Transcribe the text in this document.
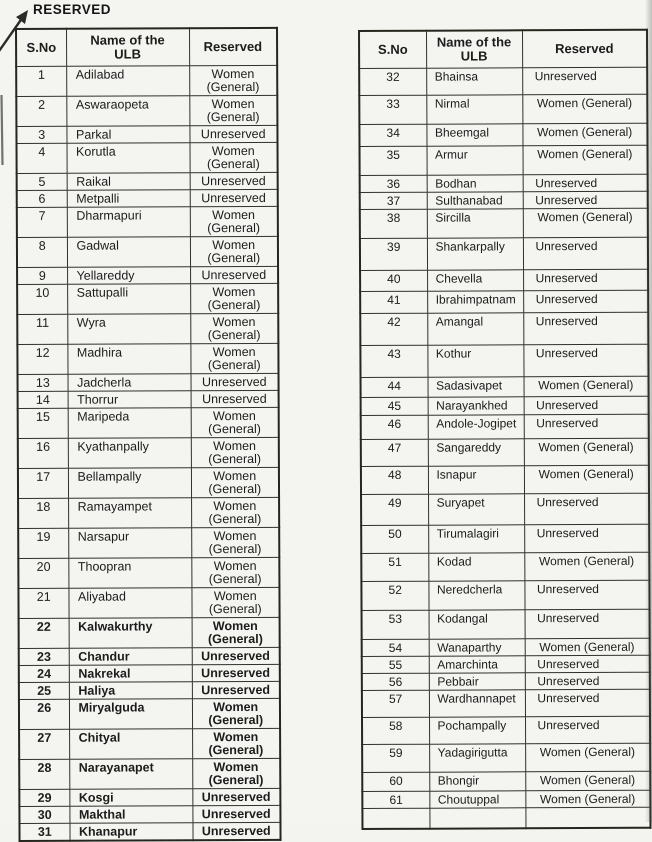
RESERVED
S.No	Name of the ULB	Reserved
1	Adilabad	Women (General)
2	Aswaraopeta	Women (General)
3	Parkal	Unreserved
4	Korutla	Women (General)
5	Raikal	Unreserved
6	Metpalli	Unreserved
7	Dharmapuri	Women (General)
8	Gadwal	Women (General)
9	Yellareddy	Unreserved
10	Sattupalli	Women (General)
11	Wyra	Women (General)
12	Madhira	Women (General)
13	Jadcherla	Unreserved
14	Thorrur	Unreserved
15	Maripeda	Women (General)
16	Kyathanpally	Women (General)
17	Bellampally	Women (General)
18	Ramayampet	Women (General)
19	Narsapur	Women (General)
20	Thoopran	Women (General)
21	Aliyabad	Women (General)
22	Kalwakurthy	Women (General)
23	Chandur	Unreserved
24	Nakrekal	Unreserved
25	Haliya	Unreserved
26	Miryalguda	Women (General)
27	Chityal	Women (General)
28	Narayanapet	Women (General)
29	Kosgi	Unreserved
30	Makthal	Unreserved
31	Khanapur	Unreserved
S.No	Name of the ULB	Reserved
32	Bhainsa	Unreserved
33	Nirmal	Women (General)
34	Bheemgal	Women (General)
35	Armur	Women (General)
36	Bodhan	Unreserved
37	Sulthanabad	Unreserved
38	Sircilla	Women (General)
39	Shankarpally	Unreserved
40	Chevella	Unreserved
41	Ibrahimpatnam	Unreserved
42	Amangal	Unreserved
43	Kothur	Unreserved
44	Sadasivapet	Women (General)
45	Narayankhed	Unreserved
46	Andole-Jogipet	Unreserved
47	Sangareddy	Women (General)
48	Isnapur	Women (General)
49	Suryapet	Unreserved
50	Tirumalagiri	Unreserved
51	Kodad	Women (General)
52	Neredcherla	Unreserved
53	Kodangal	Unreserved
54	Wanaparthy	Women (General)
55	Amarchinta	Unreserved
56	Pebbair	Unreserved
57	Wardhannapet	Unreserved
58	Pochampally	Unreserved
59	Yadagirigutta	Women (General)
60	Bhongir	Women (General)
61	Choutuppal	Women (General)
